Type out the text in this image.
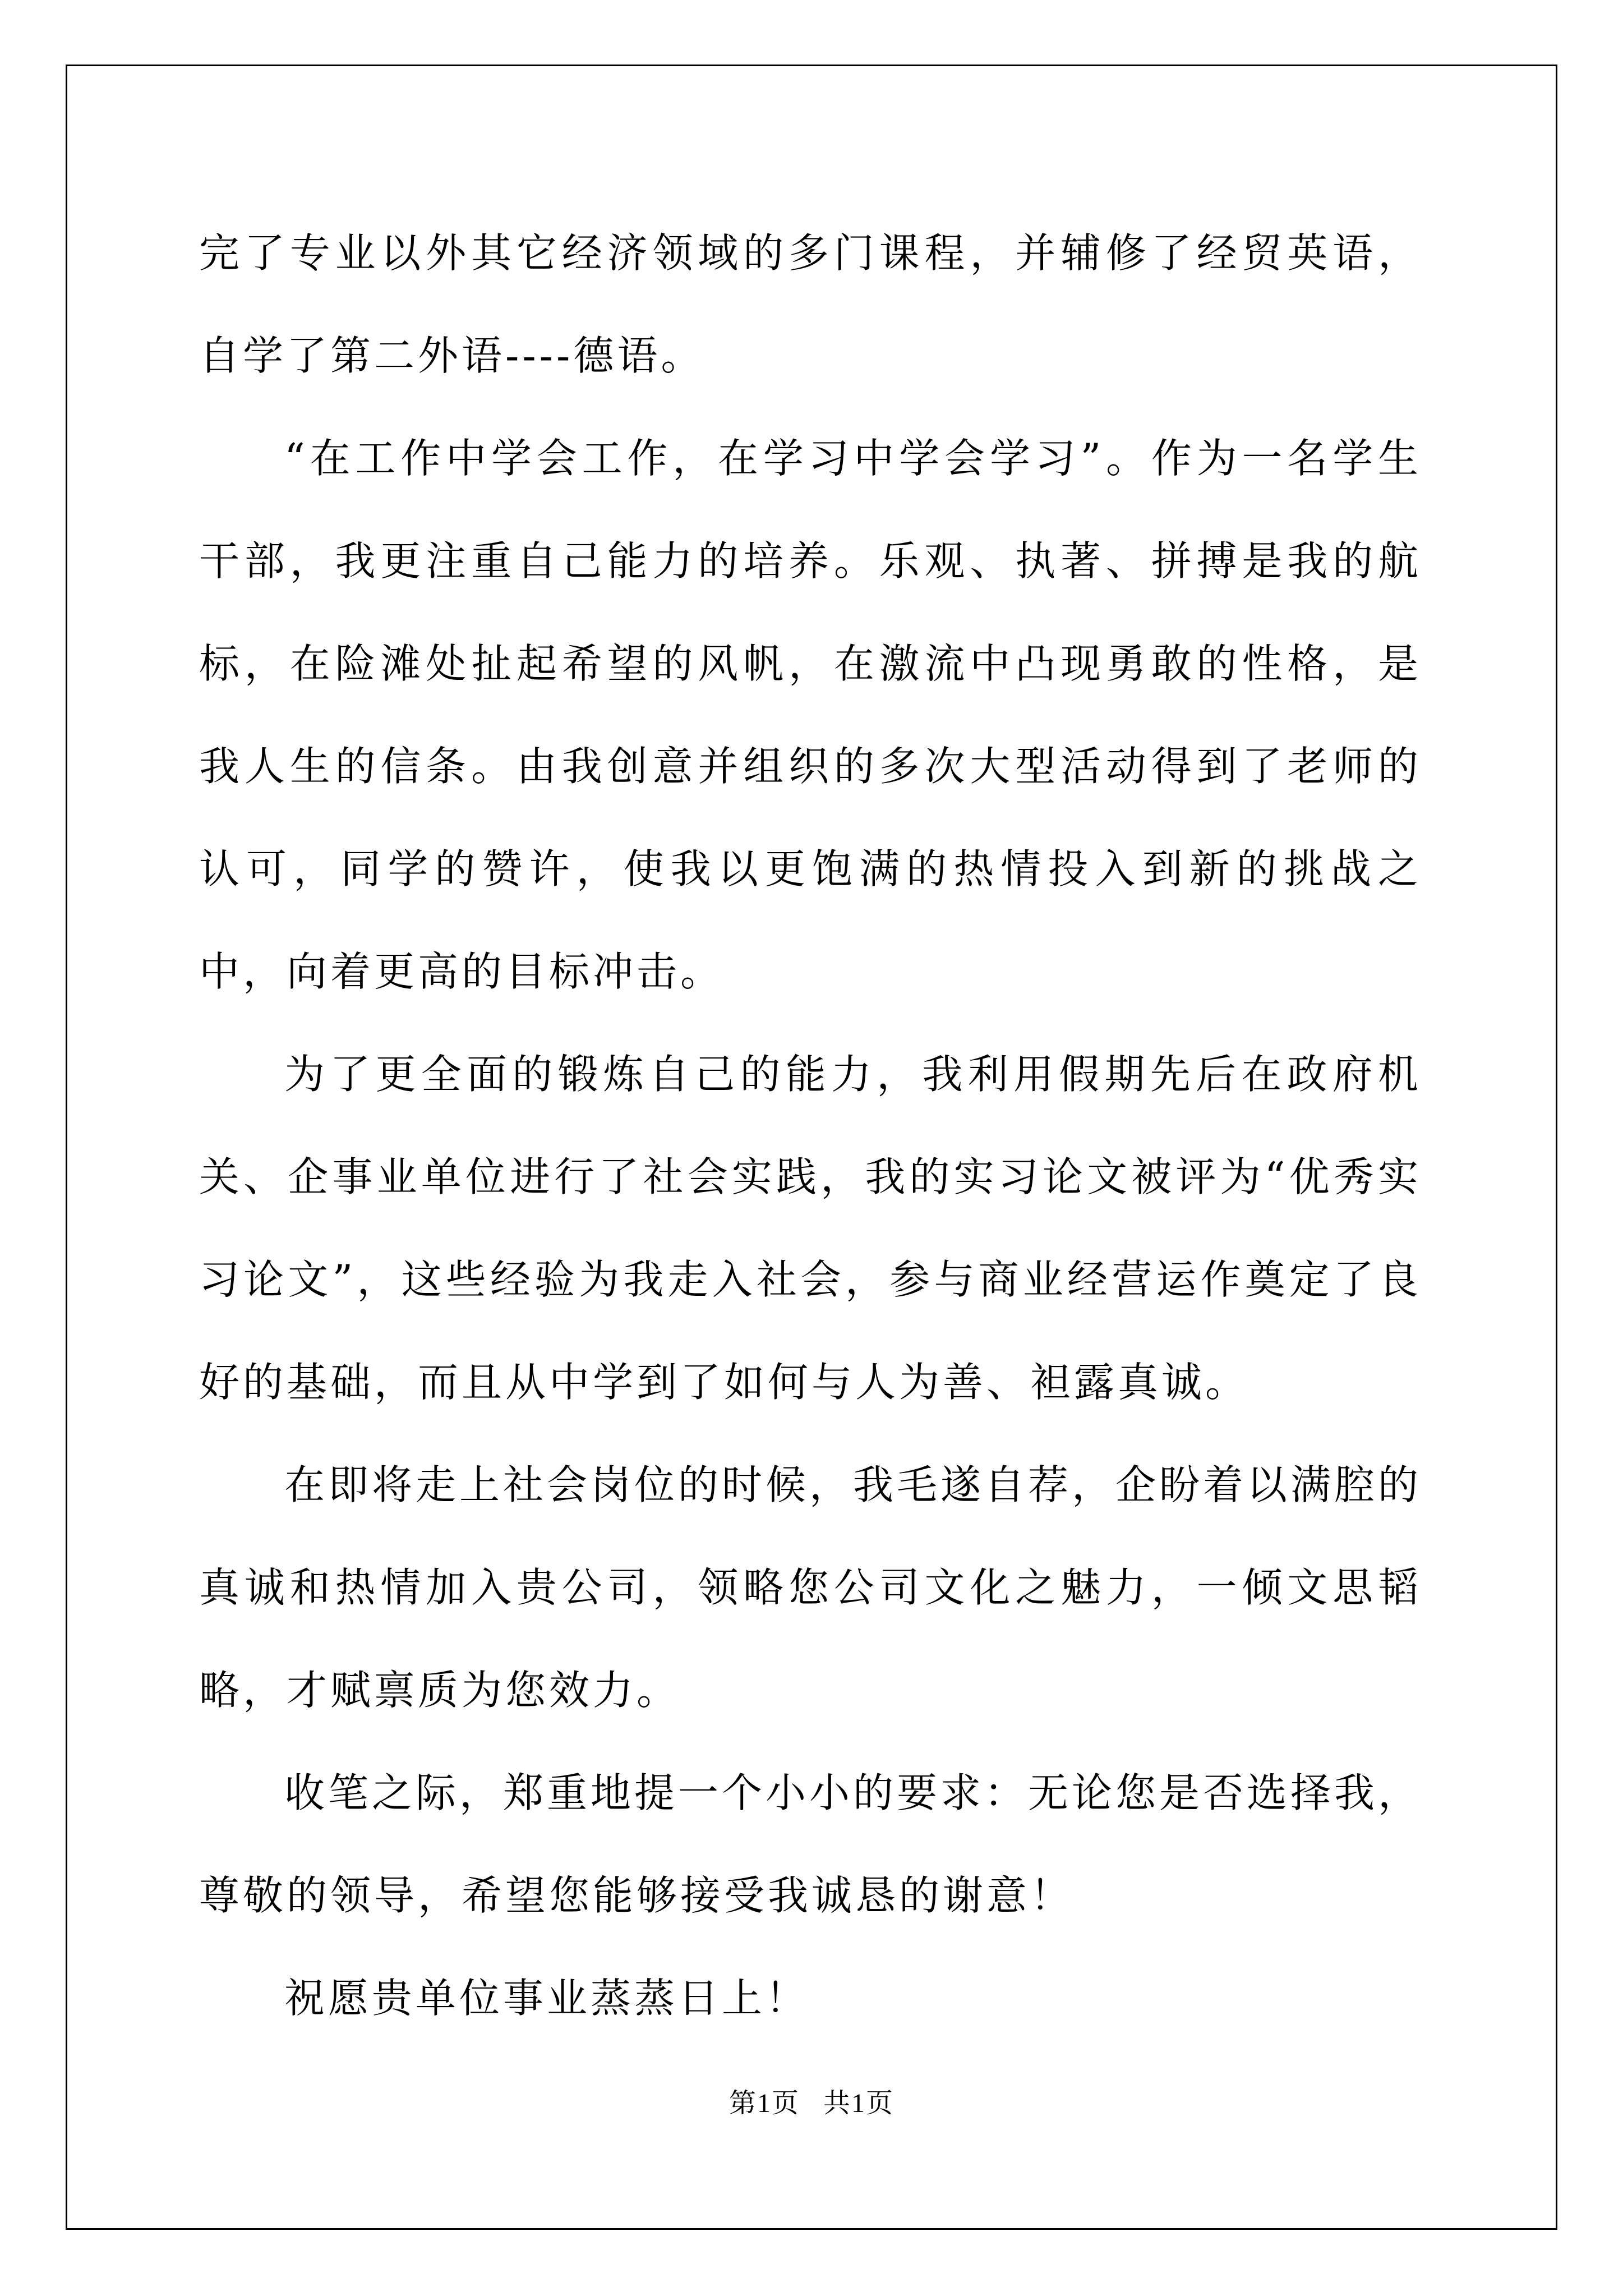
完了专业以外其它经济领域的多门课程，并辅修了经贸英语，自学了第二外语----德语。

“在工作中学会工作，在学习中学会学习”。作为一名学生干部，我更注重自己能力的培养。乐观、执著、拼搏是我的航标，在险滩处扯起希望的风帆，在激流中凸现勇敢的性格，是我人生的信条。由我创意并组织的多次大型活动得到了老师的认可，同学的赞许，使我以更饱满的热情投入到新的挑战之中，向着更高的目标冲击。

为了更全面的锻炼自己的能力，我利用假期先后在政府机关、企事业单位进行了社会实践，我的实习论文被评为“优秀实习论文”，这些经验为我走入社会，参与商业经营运作奠定了良好的基础，而且从中学到了如何与人为善、袒露真诚。

在即将走上社会岗位的时候，我毛遂自荐，企盼着以满腔的真诚和热情加入贵公司，领略您公司文化之魅力，一倾文思韬略，才赋禀质为您效力。

收笔之际，郑重地提一个小小的要求：无论您是否选择我，尊敬的领导，希望您能够接受我诚恳的谢意！

祝愿贵单位事业蒸蒸日上！

第1页 共1页
